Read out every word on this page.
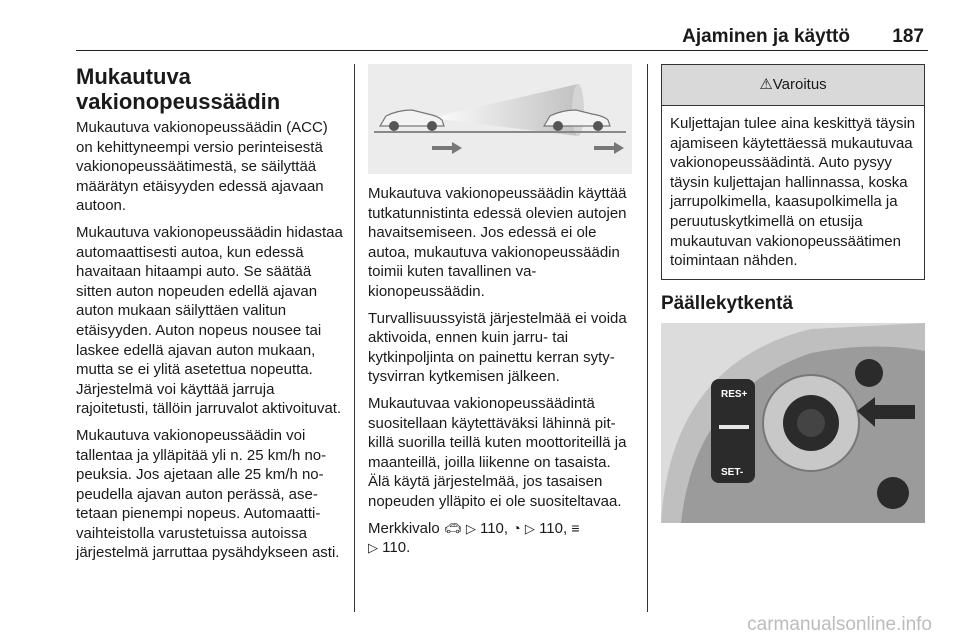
Ajaminen ja käyttö 187
Mukautuva vakionopeussäädin

Mukautuva vakionopeussäädin (ACC) on kehittyneempi versio perinteisestä vakionopeussäätimestä, se säilyttää määrätyn etäisyyden edessä ajavaan autoon.

Mukautuva vakionopeussäädin hidastaa automaattisesti autoa, kun edessä havaitaan hitaampi auto. Se säätää sitten auton nopeuden edellä ajavan auton mukaan säilyttäen valitun etäisyyden. Auton nopeus nousee tai laskee edellä ajavan auton mukaan, mutta se ei ylitä asetettua nopeutta. Järjestelmä voi käyttää jarruja rajoitetusti, tällöin jarruvalot aktivoituvat.

Mukautuva vakionopeussäädin voi tallentaa ja ylläpitää yli n. 25 km/h nopeuksia. Jos ajetaan alle 25 km/h nopeudella ajavan auton perässä, asetetaan pienempi nopeus. Automaattivaihteistolla varustetuissa autoissa järjestelmä jarruttaa pysähdykseen asti.

Mukautuva vakionopeussäädin käyttää tutkatunnistinta edessä olevien autojen havaitsemiseen. Jos edessä ei ole autoa, mukautuva vakionopeussäädin toimii kuten tavallinen vakionopeussäädin.

Turvallisuussyistä järjestelmää ei voida aktivoida, ennen kuin jarru- tai kytkinpoljinta on painettu kerran sytytysvirran kytkemisen jälkeen.

Mukautuvaa vakionopeussäädintä suositellaan käytettäväksi lähinnä pitkillä suorilla teillä kuten moottoriteillä ja maanteillä, joilla liikenne on tasaista. Älä käytä järjestelmää, jos tasaisen nopeuden ylläpito ei ole suositeltavaa.

Merkkivalo 🚗︎ ▷ 110, ◔ ▷ 110, ≡
▷ 110.

⚠︎Varoitus
Kuljettajan tulee aina keskittyä täysin ajamiseen käytettäessä mukautuvaa vakionopeussäädintä. Auto pysyy täysin kuljettajan hallinnassa, koska jarrupolkimella, kaasupolkimella ja peruutuskytkimellä on etusija mukautuvan vakionopeussäätimen toimintaan nähden.
Päällekytkentä
RES+
SET-
carmanualsonline.info
